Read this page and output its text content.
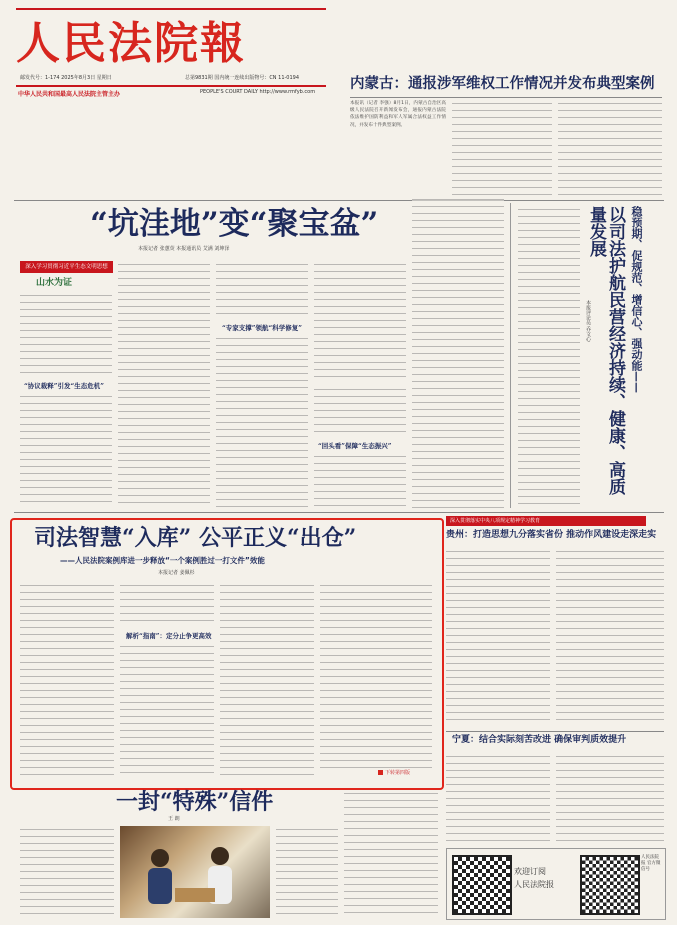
人民法院報
邮发代号：1-174 2025年8月3日 星期日	总第9831期 国内统一连续出版物号：CN 11-0194
中华人民共和国最高人民法院主管主办	PEOPLE'S COURT DAILY http://www.rmfyb.com 内蒙古：通报涉军维权工作情况并发布典型案例
本报讯（记者 李强）8月1日，内蒙古自治区高级人民法院召开新闻发布会，通报内蒙古法院依法维护国防利益和军人军属合法权益工作情况，并发布十件典型案例。
“坑洼地”变“聚宝盆”
本报记者 张蕙荧 本报通讯员 艾满 刘坤泽
深入学习贯彻习近平生态文明思想
山水为证
“协议裁释”引发“生态危机”
“专家支撑”领航“科学修复”
“回头看”保障“生态振兴”
稳预期、促规范、增信心、强动能——
以司法护航民营经济持续、健康、高质量发展
本报评论员 乔文心
司法智慧“入库” 公平正义“出仓”
——人民法院案例库进一步释放“一个案例胜过一打文件”效能
本报记者 姜佩杉
解析“指南”：定分止争更高效
下转第四版
深入贯彻落实中央八项规定精神学习教育
贵州：打造思想九分落实省份 推动作风建设走深走实
宁夏：结合实际刻苦改进 确保审判质效提升
一封“特殊”信件
王 朗
欢迎订阅
人民法院报
人民法院报 官方微信号
